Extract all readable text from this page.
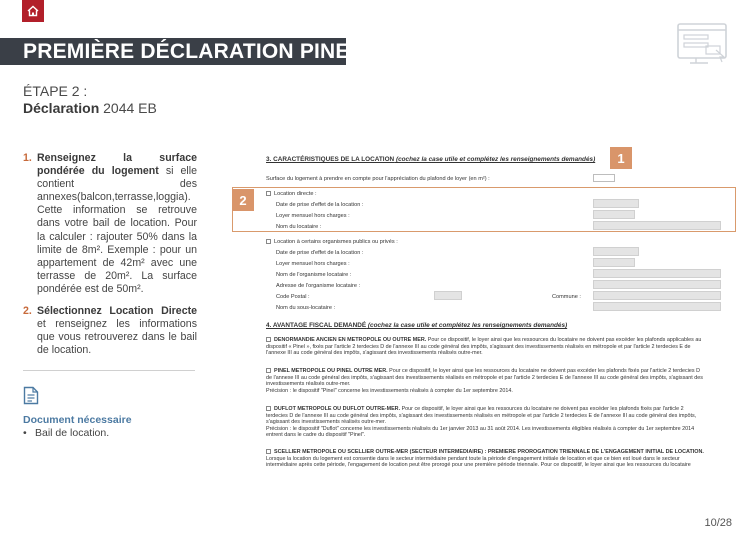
PREMIÈRE DÉCLARATION PINEL
ÉTAPE 2 :
Déclaration 2044 EB
1. Renseignez la surface pondérée du logement si elle contient des annexes(balcon,terrasse,loggia). Cette information se retrouve dans votre bail de location. Pour la calculer : rajouter 50% dans la limite de 8m². Exemple : pour un appartement de 42m² avec une terrasse de 20m². La surface pondérée est de 50m².
2. Sélectionnez Location Directe et renseignez les informations que vous retrouverez dans le bail de location.
Document nécessaire
• Bail de location.
3. CARACTÉRISTIQUES DE LA LOCATION (cochez la case utile et complétez les renseignements demandés)
Surface du logement à prendre en compte pour l'appréciation du plafond de loyer (en m²) :
Location directe :
Date de prise d'effet de la location :
Loyer mensuel hors charges :
Nom du locataire :
Location à certains organismes publics ou privés :
Date de prise d'effet de la location :
Loyer mensuel hors charges :
Nom de l'organisme locataire :
Adresse de l'organisme locataire :
Code Postal :	Commune :
Nom du sous-locataire :
4. AVANTAGE FISCAL DEMANDÉ (cochez la case utile et complétez les renseignements demandés)
DENORMANDIE ANCIEN EN MÉTROPOLE OU OUTRE MER. Pour ce dispositif, le loyer ainsi que les ressources du locataire ne doivent pas excéder les plafonds applicables au
dispositif « Pinel », fixés par l'article 2 terdecies D de l'annexe III au code général des impôts, s'agissant des investissements réalisés en métropole et par l'article 2 terdecies E de
l'annexe III au code général des impôts, s'agissant des investissements réalisés outre-mer.
PINEL MÉTROPOLE OU PINEL OUTRE MER. Pour ce dispositif, le loyer ainsi que les ressources du locataire ne doivent pas excéder les plafonds fixés par l'article 2 terdecies D
de l'annexe III au code général des impôts, s'agissant des investissements réalisés en métropole et par l'article 2 terdecies E de l'annexe III au code général des impôts, s'agissant des
investissements réalisés outre-mer.
Précision : le dispositif "Pinel" concerne les investissements réalisés à compter du 1er septembre 2014.
DUFLOT MÉTROPOLE OU DUFLOT OUTRE-MER. Pour ce dispositif, le loyer ainsi que les ressources du locataire ne doivent pas excéder les plafonds fixés par l'article 2
terdecies D de l'annexe III au code général des impôts, s'agissant des investissements réalisés en métropole et par l'article 2 terdecies E de l'annexe III au code général des impôts,
s'agissant des investissements réalisés outre-mer.
Précision : le dispositif "Duflot" concerne les investissements réalisés du 1er janvier 2013 au 31 août 2014. Les investissements éligibles réalisés à compter du 1er septembre 2014
entrent dans le cadre du dispositif "Pinel".
SCELLIER MÉTROPOLE OU SCELLIER OUTRE-MER (SECTEUR INTERMÉDIAIRE) : PREMIÈRE PROROGATION TRIENNALE DE L'ENGAGEMENT INITIAL DE LOCATION.
Lorsque la location du logement est consentie dans le secteur intermédiaire pendant toute la période d'engagement initiale de location et que ce bien est loué dans le secteur
intermédiaire après cette période, l'engagement de location peut être prorogé pour une première période triennale. Pour ce dispositif, le loyer ainsi que les ressources du locataire
1
2
10/28
